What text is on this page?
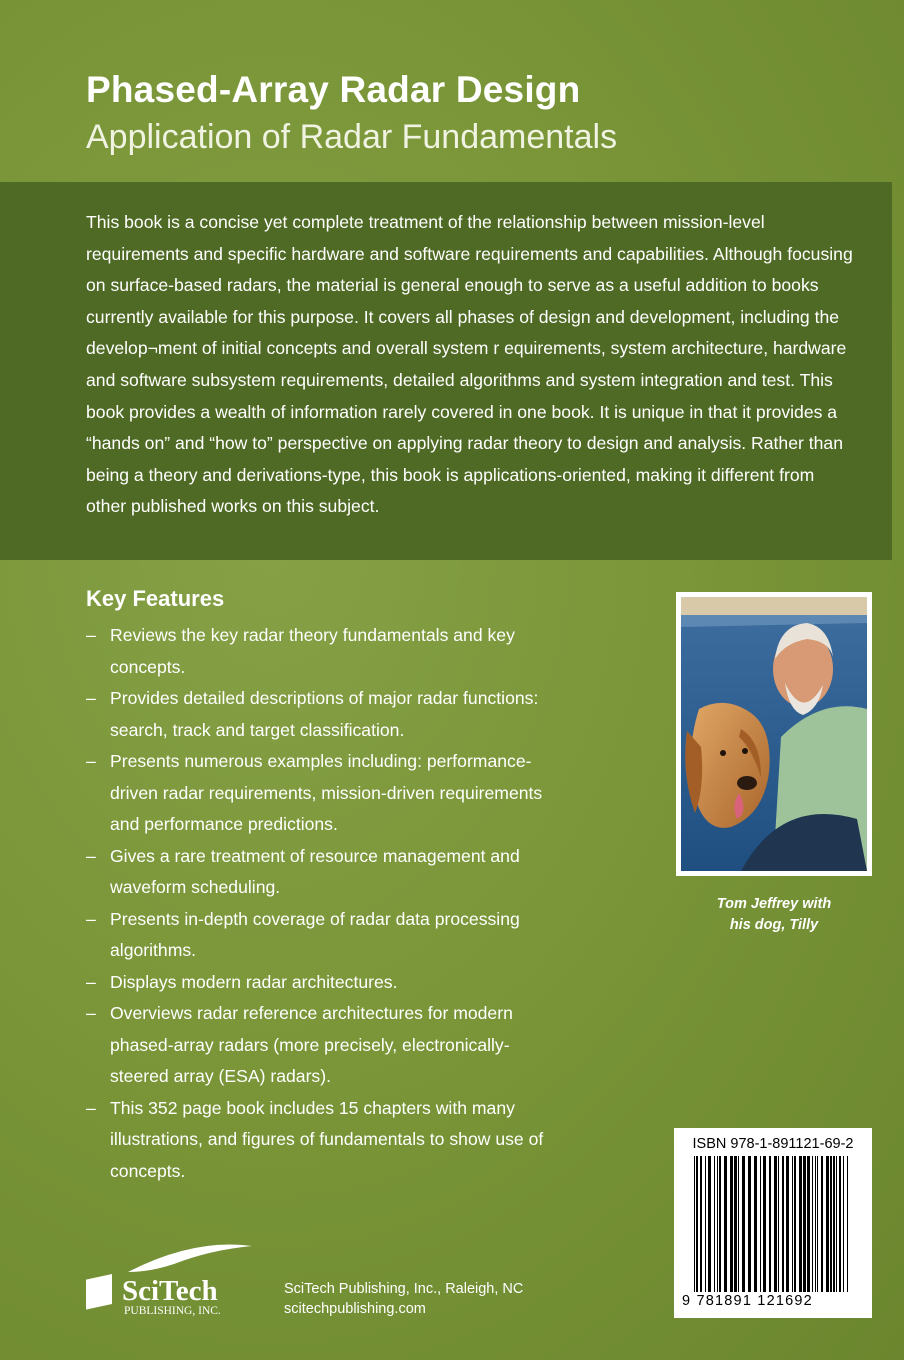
Phased-Array Radar Design

Application of Radar Fundamentals

This book is a concise yet complete treatment of the relationship between mission-level requirements and specific hardware and software requirements and capabilities. Although focusing on surface-based radars, the material is general enough to serve as a useful addition to books currently available for this purpose. It covers all phases of design and development, including the develop¬ment of initial concepts and overall system r equirements, system architecture, hardware and software subsystem requirements, detailed algorithms and system integration and test. This book provides a wealth of information rarely covered in one book. It is unique in that it provides a “hands on” and “how to” perspective on applying radar theory to design and analysis. Rather than being a theory and derivations-type, this book is applications-oriented, making it different from other published works on this subject.
Key Features
– Reviews the key radar theory fundamentals and key concepts.
– Provides detailed descriptions of major radar functions: search, track and target classification.
– Presents numerous examples including: performance-driven radar requirements, mission-driven requirements and performance predictions.
– Gives a rare treatment of resource management and waveform scheduling.
– Presents in-depth coverage of radar data processing algorithms.
– Displays modern radar architectures.
– Overviews radar reference architectures for modern phased-array radars (more precisely, electronically-steered array (ESA) radars).
– This 352 page book includes 15 chapters with many illustrations, and figures of fundamentals to show use of concepts.
Tom Jeffrey with
his dog, Tilly
ISBN 978-1-891121-69-2
9 781891 121692
SciTech
PUBLISHING, INC.
SciTech Publishing, Inc., Raleigh, NC
scitechpublishing.com
